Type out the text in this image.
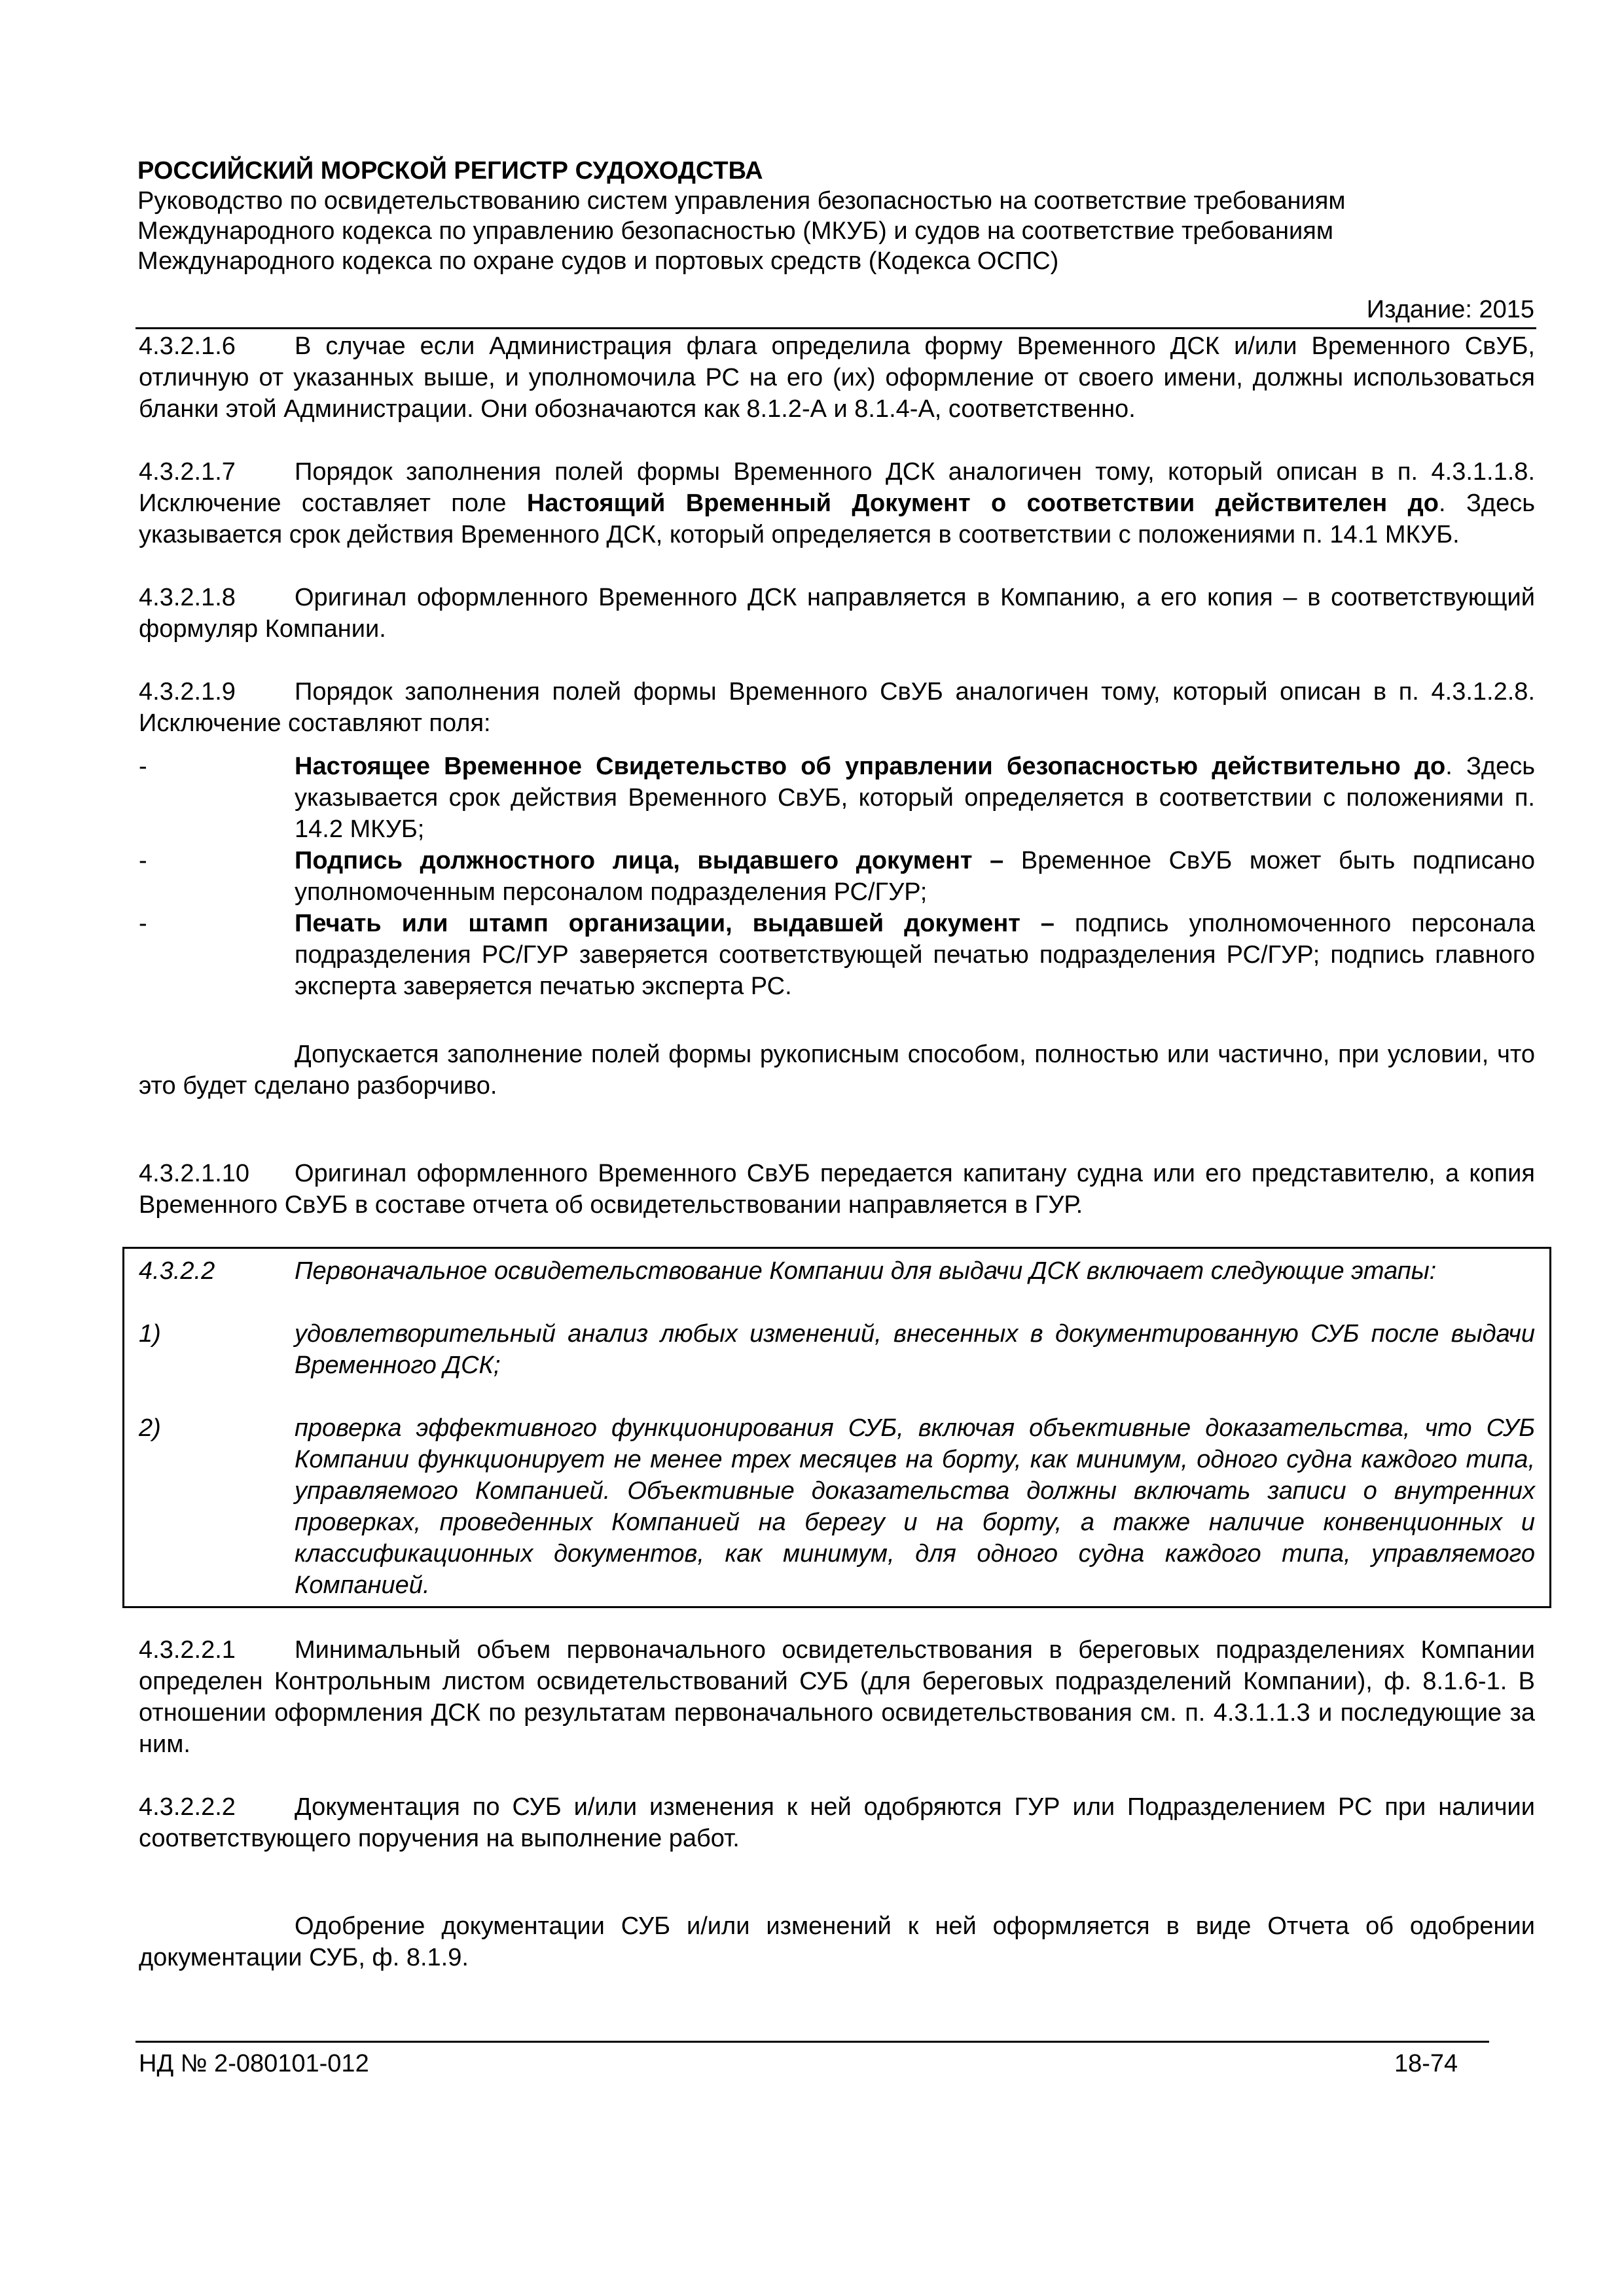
РОССИЙСКИЙ МОРСКОЙ РЕГИСТР СУДОХОДСТВА
Руководство по освидетельствованию систем управления безопасностью на соответствие требованиям
Международного кодекса по управлению безопасностью (МКУБ) и судов на соответствие требованиям
Международного кодекса по охране судов и портовых средств (Кодекса ОСПС)
Издание: 2015

4.3.2.1.6 В случае если Администрация флага определила форму Временного ДСК и/или Временного СвУБ, отличную от указанных выше, и уполномочила РС на его (их) оформление от своего имени, должны использоваться бланки этой Администрации. Они обозначаются как 8.1.2-А и 8.1.4-А, соответственно.

4.3.2.1.7 Порядок заполнения полей формы Временного ДСК аналогичен тому, который описан в п. 4.3.1.1.8. Исключение составляет поле Настоящий Временный Документ о соответствии действителен до. Здесь указывается срок действия Временного ДСК, который определяется в соответствии с положениями п. 14.1 МКУБ.

4.3.2.1.8 Оригинал оформленного Временного ДСК направляется в Компанию, а его копия – в соответствующий формуляр Компании.

4.3.2.1.9 Порядок заполнения полей формы Временного СвУБ аналогичен тому, который описан в п. 4.3.1.2.8. Исключение составляют поля:

-	Настоящее Временное Свидетельство об управлении безопасностью действительно до. Здесь указывается срок действия Временного СвУБ, который определяется в соответствии с положениями п. 14.2 МКУБ;
-	Подпись должностного лица, выдавшего документ – Временное СвУБ может быть подписано уполномоченным персоналом подразделения РС/ГУР;
-	Печать или штамп организации, выдавшей документ – подпись уполномоченного персонала подразделения РС/ГУР заверяется соответствующей печатью подразделения РС/ГУР; подпись главного эксперта заверяется печатью эксперта РС.

Допускается заполнение полей формы рукописным способом, полностью или частично, при условии, что это будет сделано разборчиво.

4.3.2.1.10 Оригинал оформленного Временного СвУБ передается капитану судна или его представителю, а копия Временного СвУБ в составе отчета об освидетельствовании направляется в ГУР.

4.3.2.2	Первоначальное освидетельствование Компании для выдачи ДСК включает следующие этапы:

1)	удовлетворительный анализ любых изменений, внесенных в документированную СУБ после выдачи Временного ДСК;
2)	проверка эффективного функционирования СУБ, включая объективные доказательства, что СУБ Компании функционирует не менее трех месяцев на борту, как минимум, одного судна каждого типа, управляемого Компанией. Объективные доказательства должны включать записи о внутренних проверках, проведенных Компанией на берегу и на борту, а также наличие конвенционных и классификационных документов, как минимум, для одного судна каждого типа, управляемого Компанией.

4.3.2.2.1 Минимальный объем первоначального освидетельствования в береговых подразделениях Компании определен Контрольным листом освидетельствований СУБ (для береговых подразделений Компании), ф. 8.1.6-1. В отношении оформления ДСК по результатам первоначального освидетельствования см. п. 4.3.1.1.3 и последующие за ним.

4.3.2.2.2 Документация по СУБ и/или изменения к ней одобряются ГУР или Подразделением РС при наличии соответствующего поручения на выполнение работ.

Одобрение документации СУБ и/или изменений к ней оформляется в виде Отчета об одобрении документации СУБ, ф. 8.1.9.

НД № 2-080101-012	18-74
